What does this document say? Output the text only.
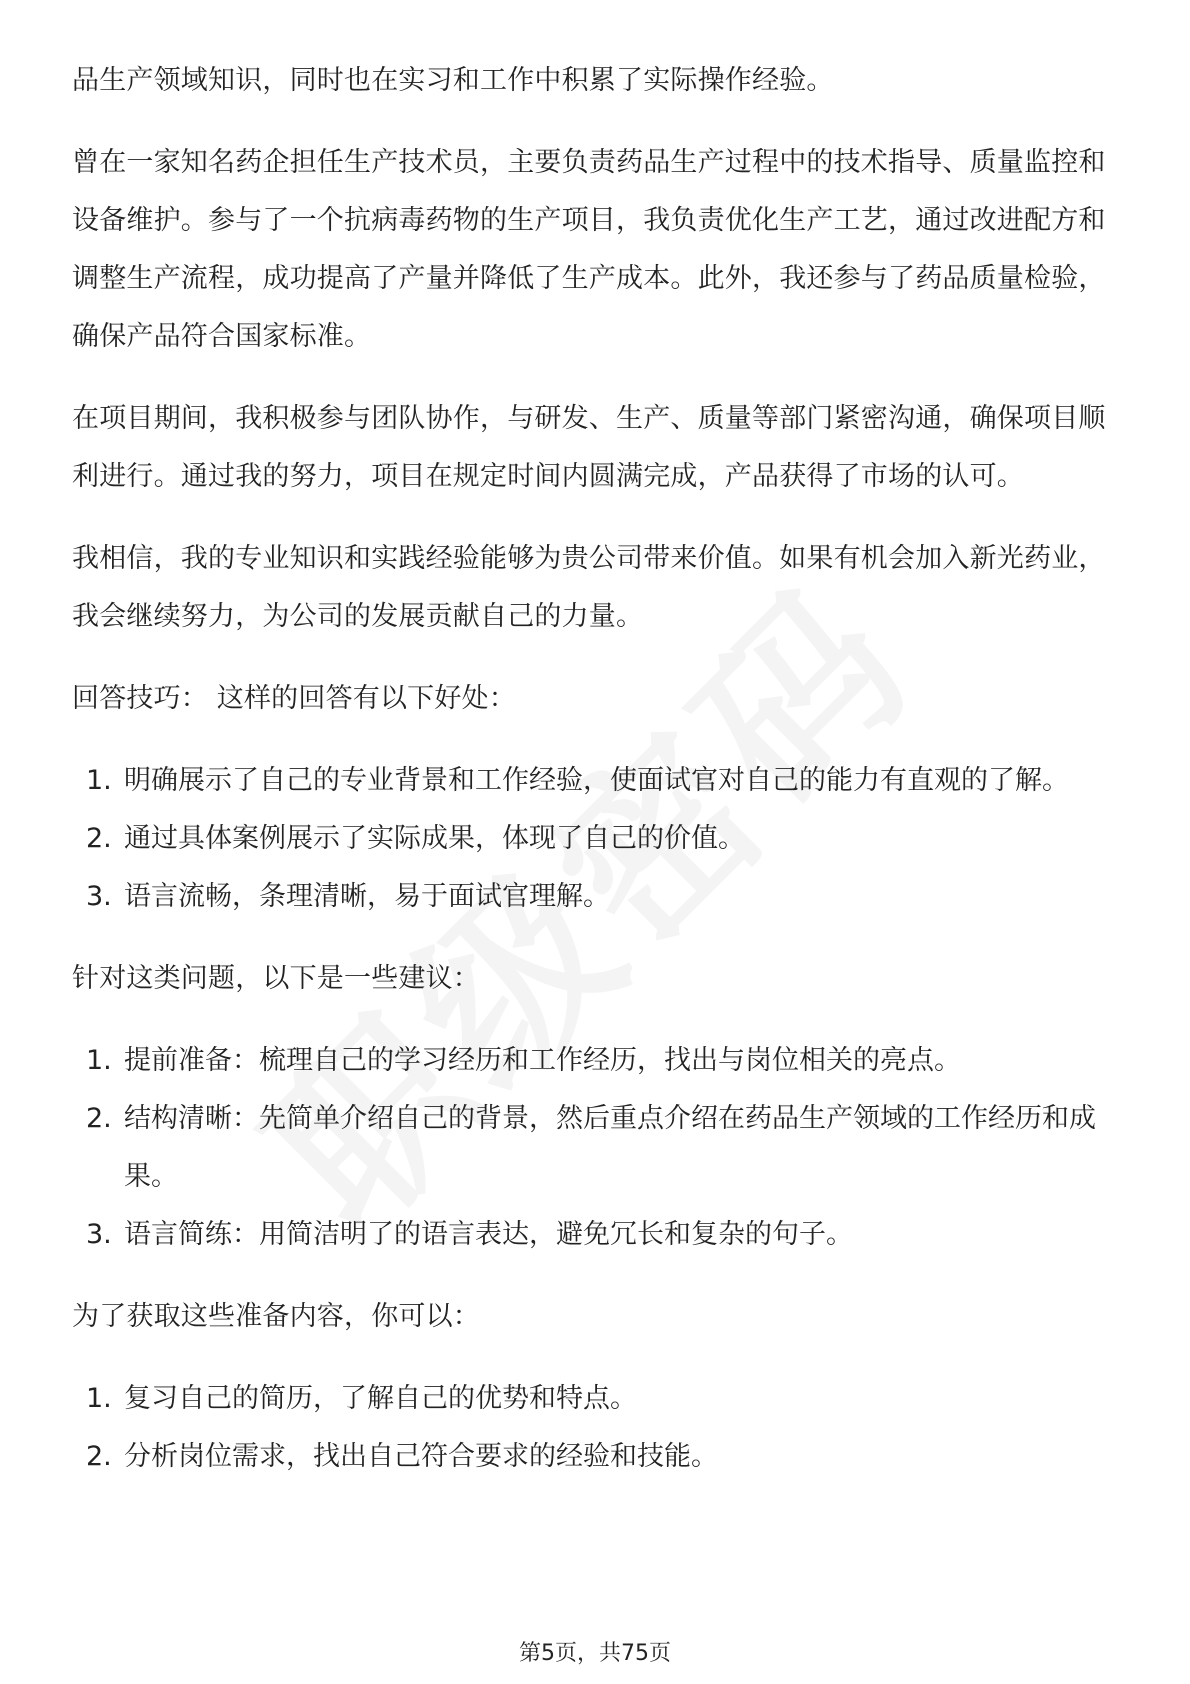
品生产领域知识，同时也在实习和工作中积累了实际操作经验。

曾在一家知名药企担任生产技术员，主要负责药品生产过程中的技术指导、质量监控和设备维护。参与了一个抗病毒药物的生产项目，我负责优化生产工艺，通过改进配方和调整生产流程，成功提高了产量并降低了生产成本。此外，我还参与了药品质量检验，确保产品符合国家标准。

在项目期间，我积极参与团队协作，与研发、生产、质量等部门紧密沟通，确保项目顺利进行。通过我的努力，项目在规定时间内圆满完成，产品获得了市场的认可。

我相信，我的专业知识和实践经验能够为贵公司带来价值。如果有机会加入新光药业，我会继续努力，为公司的发展贡献自己的力量。

回答技巧： 这样的回答有以下好处：

1. 明确展示了自己的专业背景和工作经验，使面试官对自己的能力有直观的了解。
2. 通过具体案例展示了实际成果，体现了自己的价值。
3. 语言流畅，条理清晰，易于面试官理解。

针对这类问题，以下是一些建议：

1. 提前准备：梳理自己的学习经历和工作经历，找出与岗位相关的亮点。
2. 结构清晰：先简单介绍自己的背景，然后重点介绍在药品生产领域的工作经历和成果。
3. 语言简练：用简洁明了的语言表达，避免冗长和复杂的句子。

为了获取这些准备内容，你可以：

1. 复习自己的简历，了解自己的优势和特点。
2. 分析岗位需求，找出自己符合要求的经验和技能。
第5页，共75页
